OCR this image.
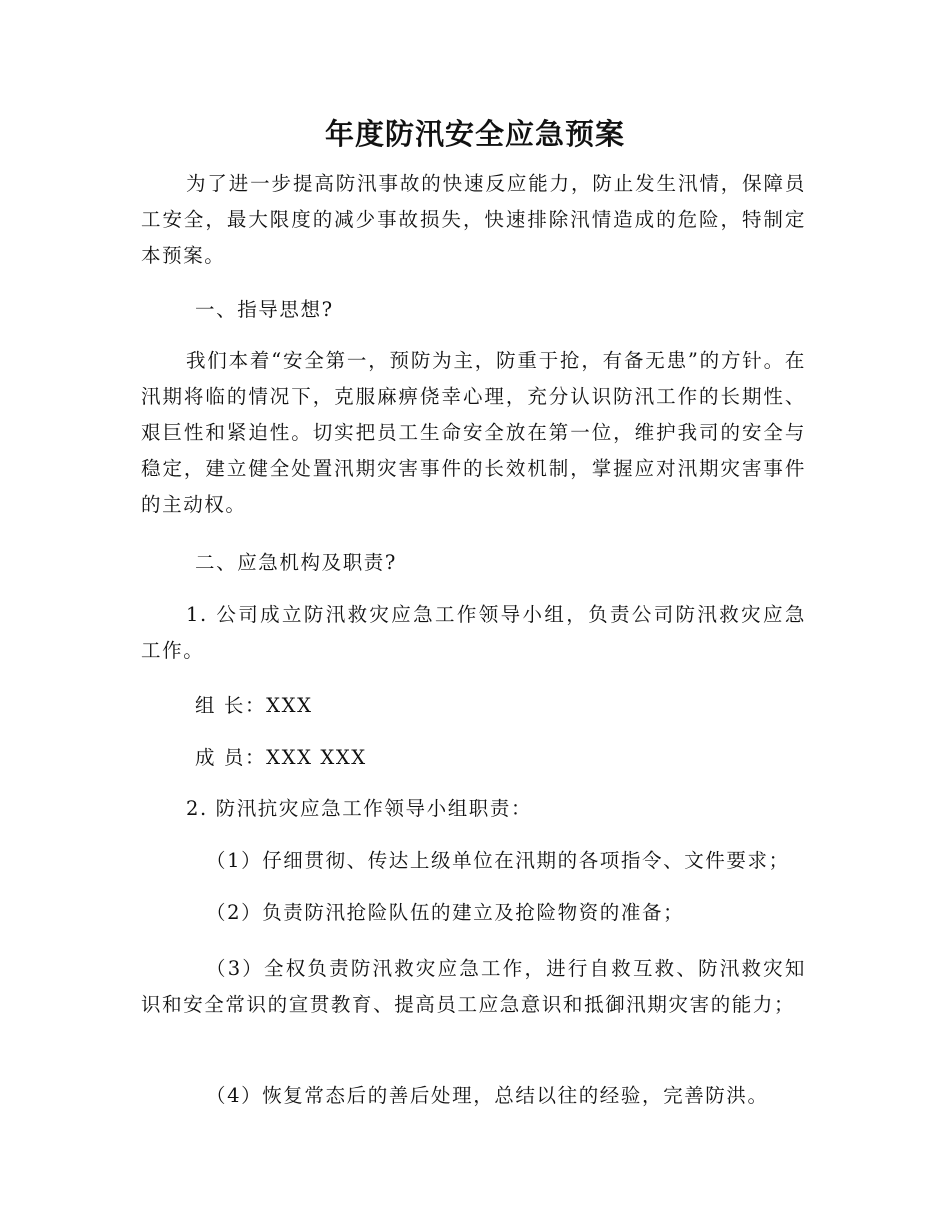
年度防汛安全应急预案

为了进一步提高防汛事故的快速反应能力，防止发生汛情，保障员工安全，最大限度的减少事故损失，快速排除汛情造成的危险，特制定本预案。

一、指导思想?

我们本着“安全第一，预防为主，防重于抢，有备无患”的方针。在汛期将临的情况下，克服麻痹侥幸心理，充分认识防汛工作的长期性、艰巨性和紧迫性。切实把员工生命安全放在第一位，维护我司的安全与稳定，建立健全处置汛期灾害事件的长效机制，掌握应对汛期灾害事件的主动权。

二、应急机构及职责?

1. 公司成立防汛救灾应急工作领导小组，负责公司防汛救灾应急工作。

组 长：XXX

成 员：XXX XXX

2. 防汛抗灾应急工作领导小组职责：

（1）仔细贯彻、传达上级单位在汛期的各项指令、文件要求；

（2）负责防汛抢险队伍的建立及抢险物资的准备；

（3）全权负责防汛救灾应急工作，进行自救互救、防汛救灾知识和安全常识的宣贯教育、提高员工应急意识和抵御汛期灾害的能力；

（4）恢复常态后的善后处理，总结以往的经验，完善防洪。
